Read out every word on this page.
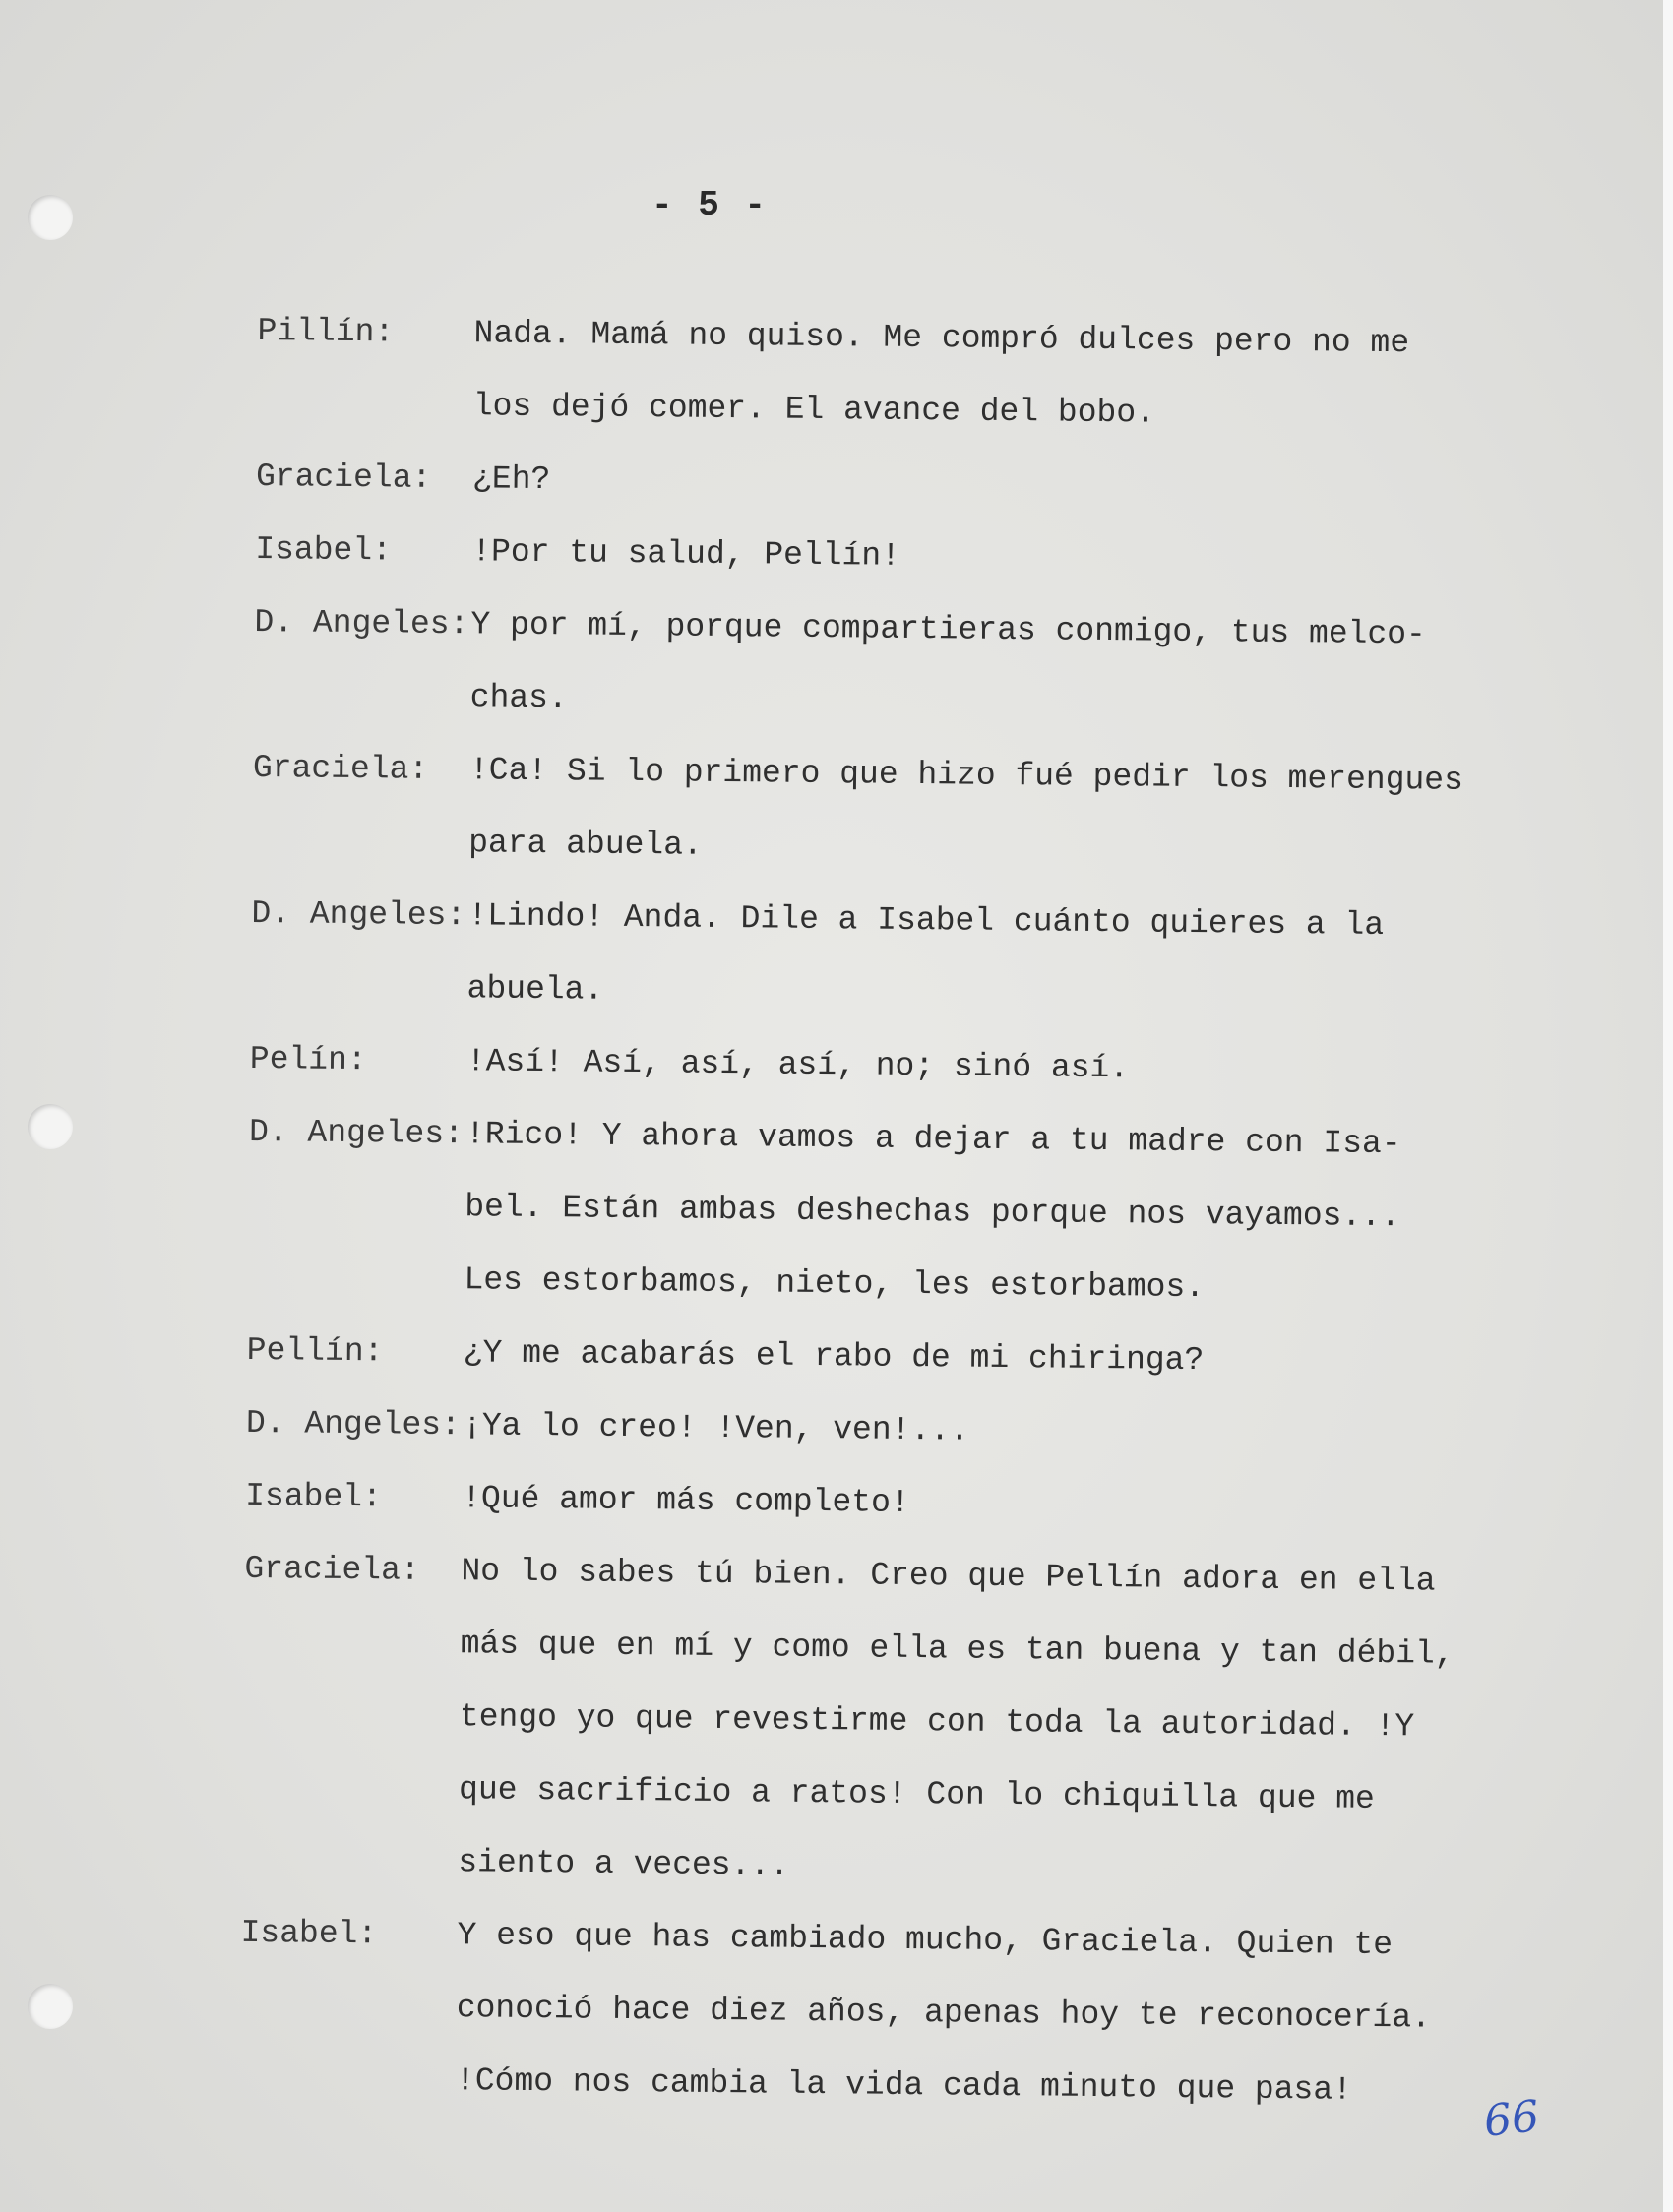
- 5 -
Pillín:	Nada. Mamá no quiso. Me compró dulces pero no me
los dejó comer. El avance del bobo.
Graciela:	¿Eh?
Isabel:	!Por tu salud, Pellín!
D. Angeles: Y por mí, porque compartieras conmigo, tus melco-
chas.
Graciela:	!Ca! Si lo primero que hizo fué pedir los merengues
para abuela.
D. Angeles: !Lindo! Anda. Dile a Isabel cuánto quieres a la
abuela.
Pelín:	!Así! Así, así, así, no; sinó así.
D. Angeles: !Rico! Y ahora vamos a dejar a tu madre con Isa-
bel. Están ambas deshechas porque nos vayamos...
Les estorbamos, nieto, les estorbamos.
Pellín:	¿Y me acabarás el rabo de mi chiringa?
D. Angeles: ¡Ya lo creo! !Ven, ven!...
Isabel:	!Qué amor más completo!
Graciela:	No lo sabes tú bien. Creo que Pellín adora en ella
más que en mí y como ella es tan buena y tan débil,
tengo yo que revestirme con toda la autoridad. !Y
que sacrificio a ratos! Con lo chiquilla que me
siento a veces...
Isabel:	Y eso que has cambiado mucho, Graciela. Quien te
conoció hace diez años, apenas hoy te reconocería.
!Cómo nos cambia la vida cada minuto que pasa!
66
